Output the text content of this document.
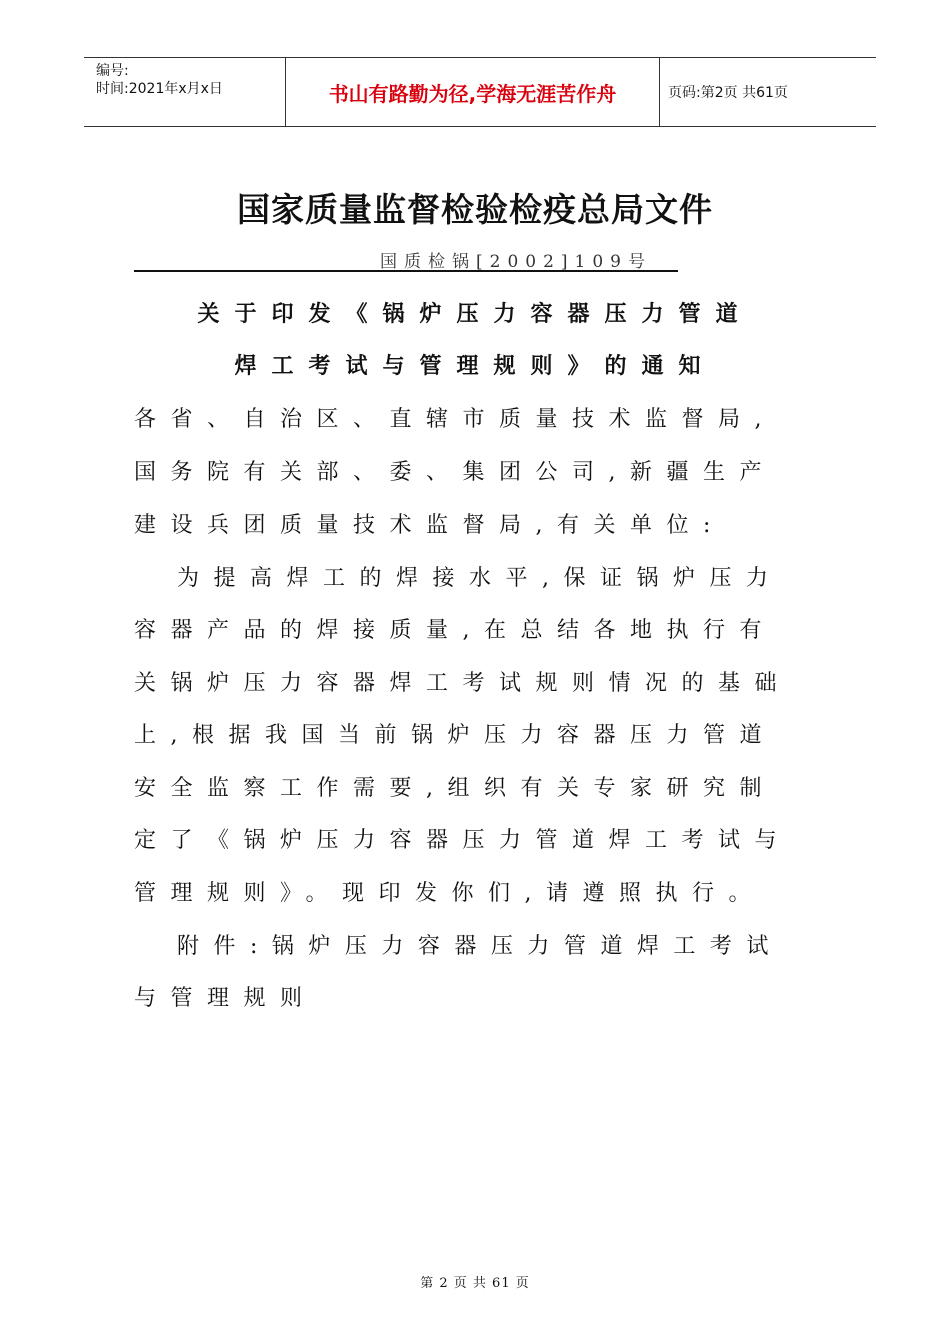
编号:
时间:2021年x月x日	书山有路勤为径,学海无涯苦作舟	页码:第2页 共61页
国家质量监督检验检疫总局文件
国质检锅[2002]109号
关于印发《锅炉压力容器压力管道
焊工考试与管理规则》的通知
各省、自治区、直辖市质量技术监督局,
国务院有关部、委、集团公司,新疆生产
建设兵团质量技术监督局,有关单位:
为提高焊工的焊接水平,保证锅炉压力
容器产品的焊接质量,在总结各地执行有
关锅炉压力容器焊工考试规则情况的基础
上,根据我国当前锅炉压力容器压力管道
安全监察工作需要,组织有关专家研究制
定了《锅炉压力容器压力管道焊工考试与
管理规则》。现印发你们,请遵照执行。
附件:锅炉压力容器压力管道焊工考试
与管理规则
第 2 页 共 61 页
